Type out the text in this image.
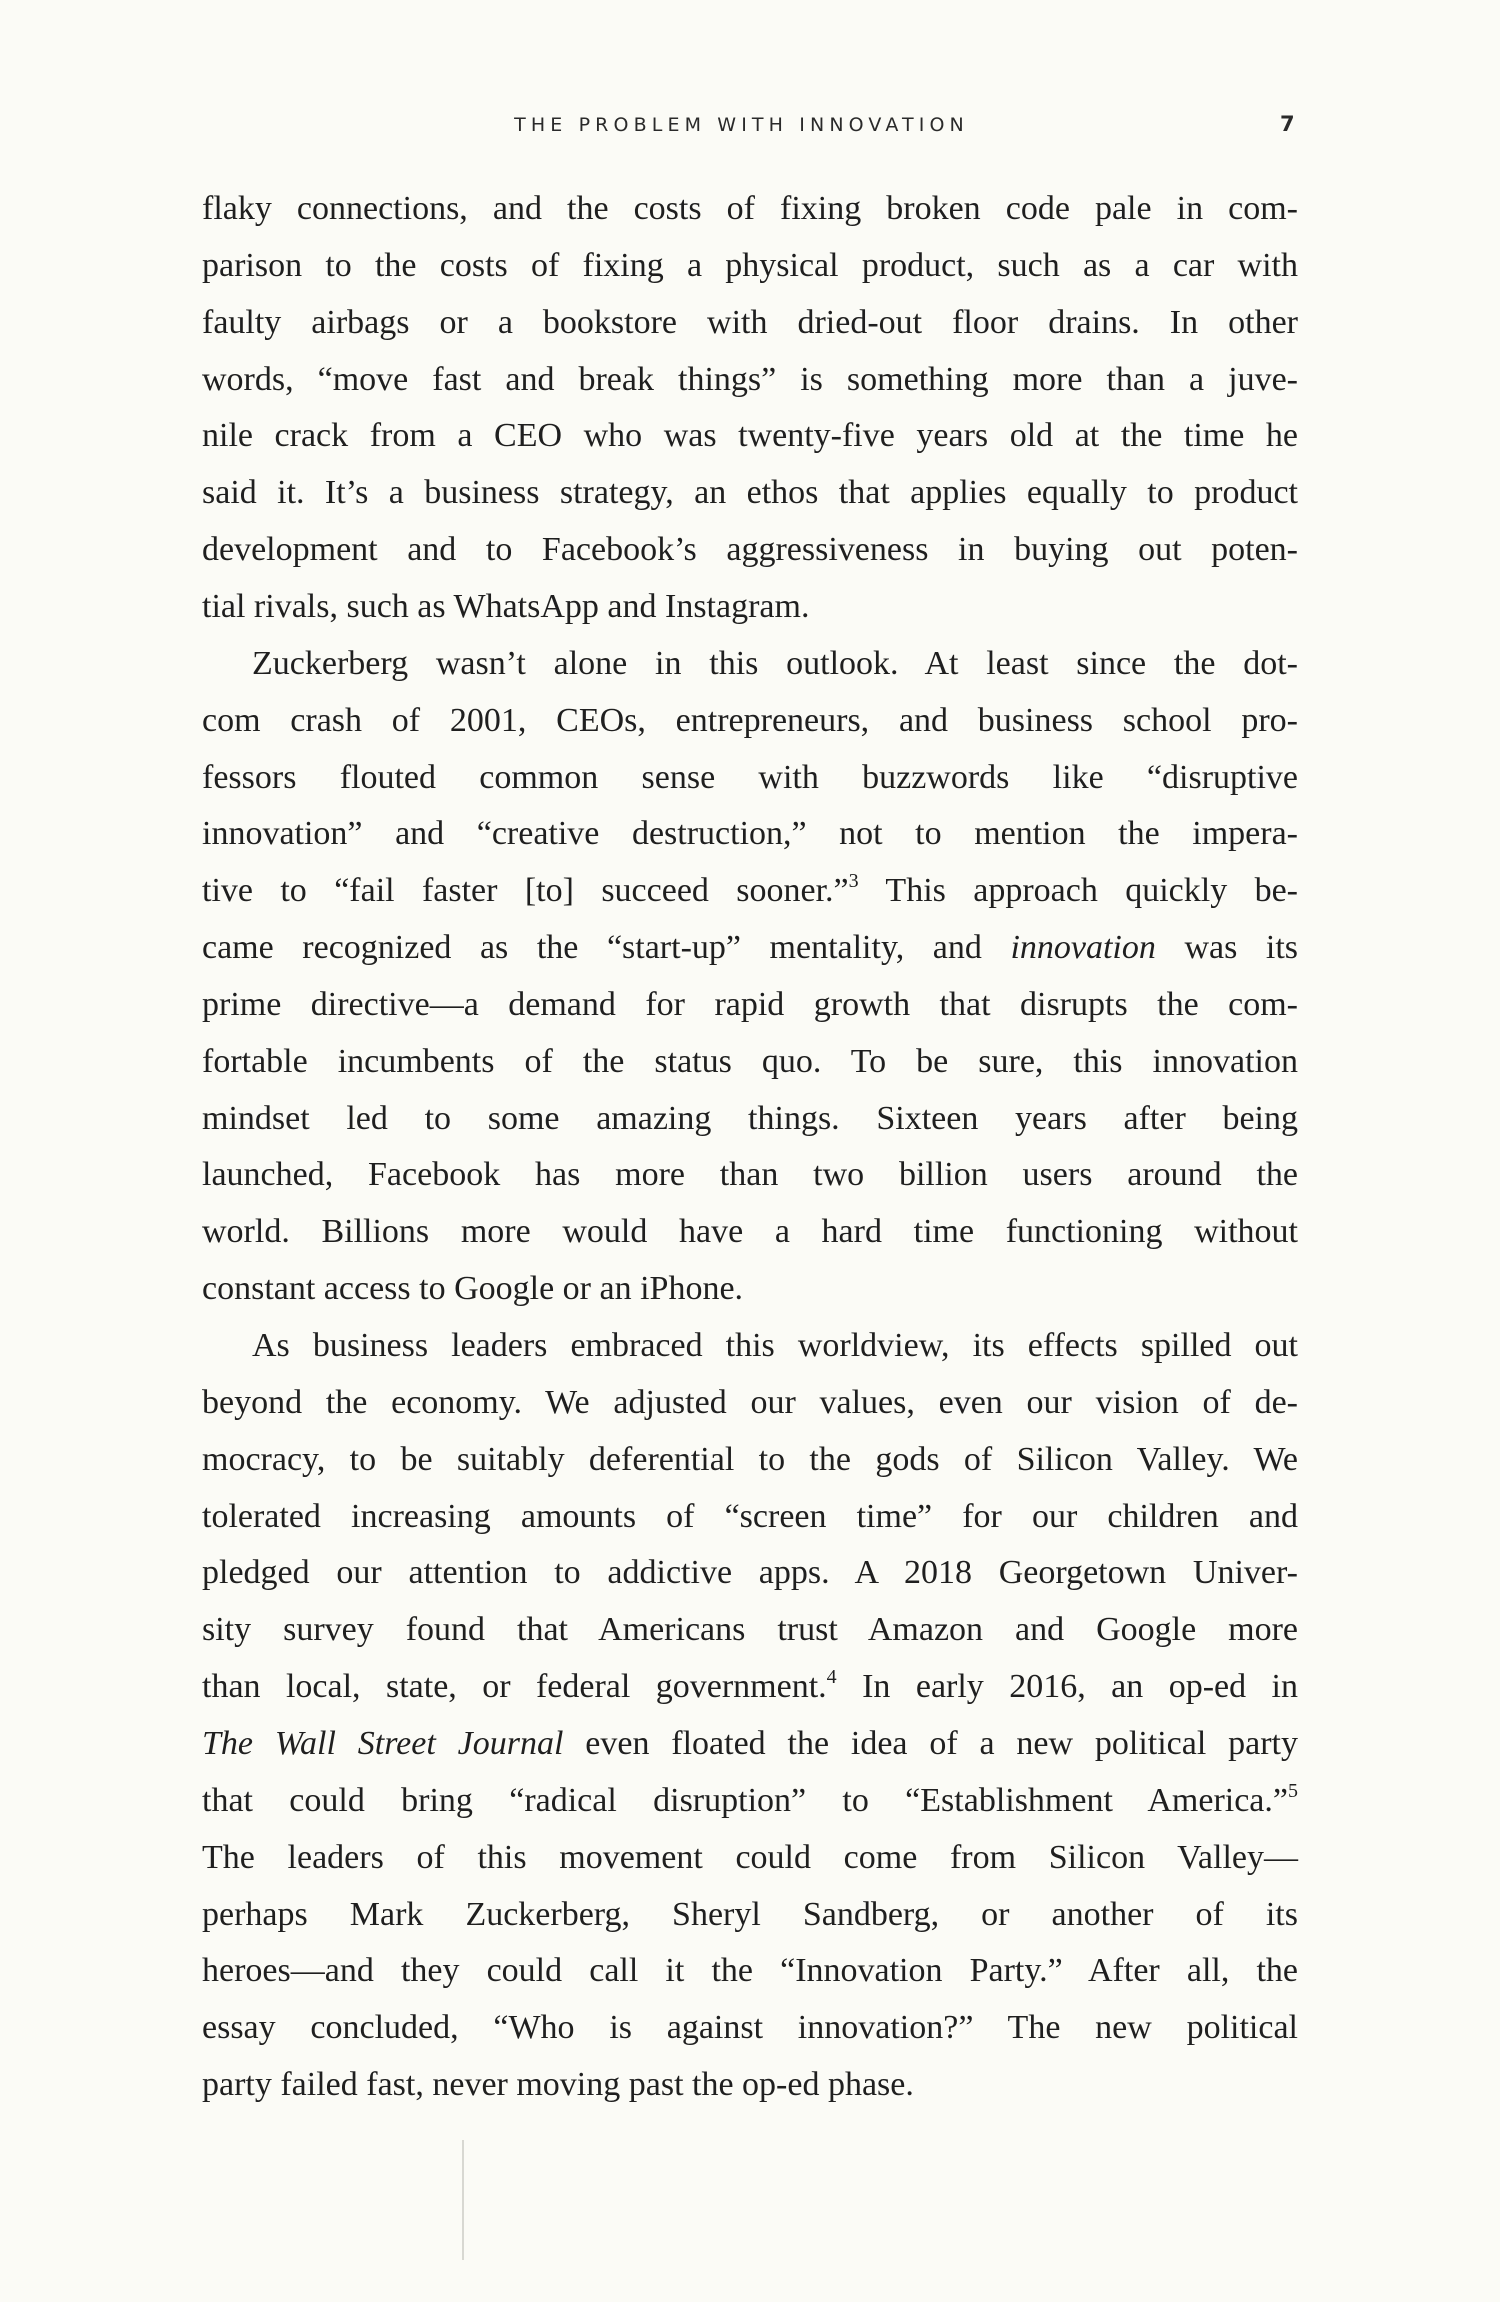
THE PROBLEM WITH INNOVATION	7
flaky connections, and the costs of fixing broken code pale in com-
parison to the costs of fixing a physical product, such as a car with
faulty airbags or a bookstore with dried-out floor drains. In other
words, “move fast and break things” is something more than a juve-
nile crack from a CEO who was twenty-five years old at the time he
said it. It’s a business strategy, an ethos that applies equally to product
development and to Facebook’s aggressiveness in buying out poten-
tial rivals, such as WhatsApp and Instagram.
Zuckerberg wasn’t alone in this outlook. At least since the dot-
com crash of 2001, CEOs, entrepreneurs, and business school pro-
fessors flouted common sense with buzzwords like “disruptive
innovation” and “creative destruction,” not to mention the impera-
tive to “fail faster [to] succeed sooner.”$^3$ This approach quickly be-
came recognized as the “start-up” mentality, and innovation was its
prime directive—a demand for rapid growth that disrupts the com-
fortable incumbents of the status quo. To be sure, this innovation
mindset led to some amazing things. Sixteen years after being
launched, Facebook has more than two billion users around the
world. Billions more would have a hard time functioning without
constant access to Google or an iPhone.
As business leaders embraced this worldview, its effects spilled out
beyond the economy. We adjusted our values, even our vision of de-
mocracy, to be suitably deferential to the gods of Silicon Valley. We
tolerated increasing amounts of “screen time” for our children and
pledged our attention to addictive apps. A 2018 Georgetown Univer-
sity survey found that Americans trust Amazon and Google more
than local, state, or federal government.$^4$ In early 2016, an op-ed in
The Wall Street Journal even floated the idea of a new political party
that could bring “radical disruption” to “Establishment America.”$^5$
The leaders of this movement could come from Silicon Valley—
perhaps Mark Zuckerberg, Sheryl Sandberg, or another of its
heroes—and they could call it the “Innovation Party.” After all, the
essay concluded, “Who is against innovation?” The new political
party failed fast, never moving past the op-ed phase.
